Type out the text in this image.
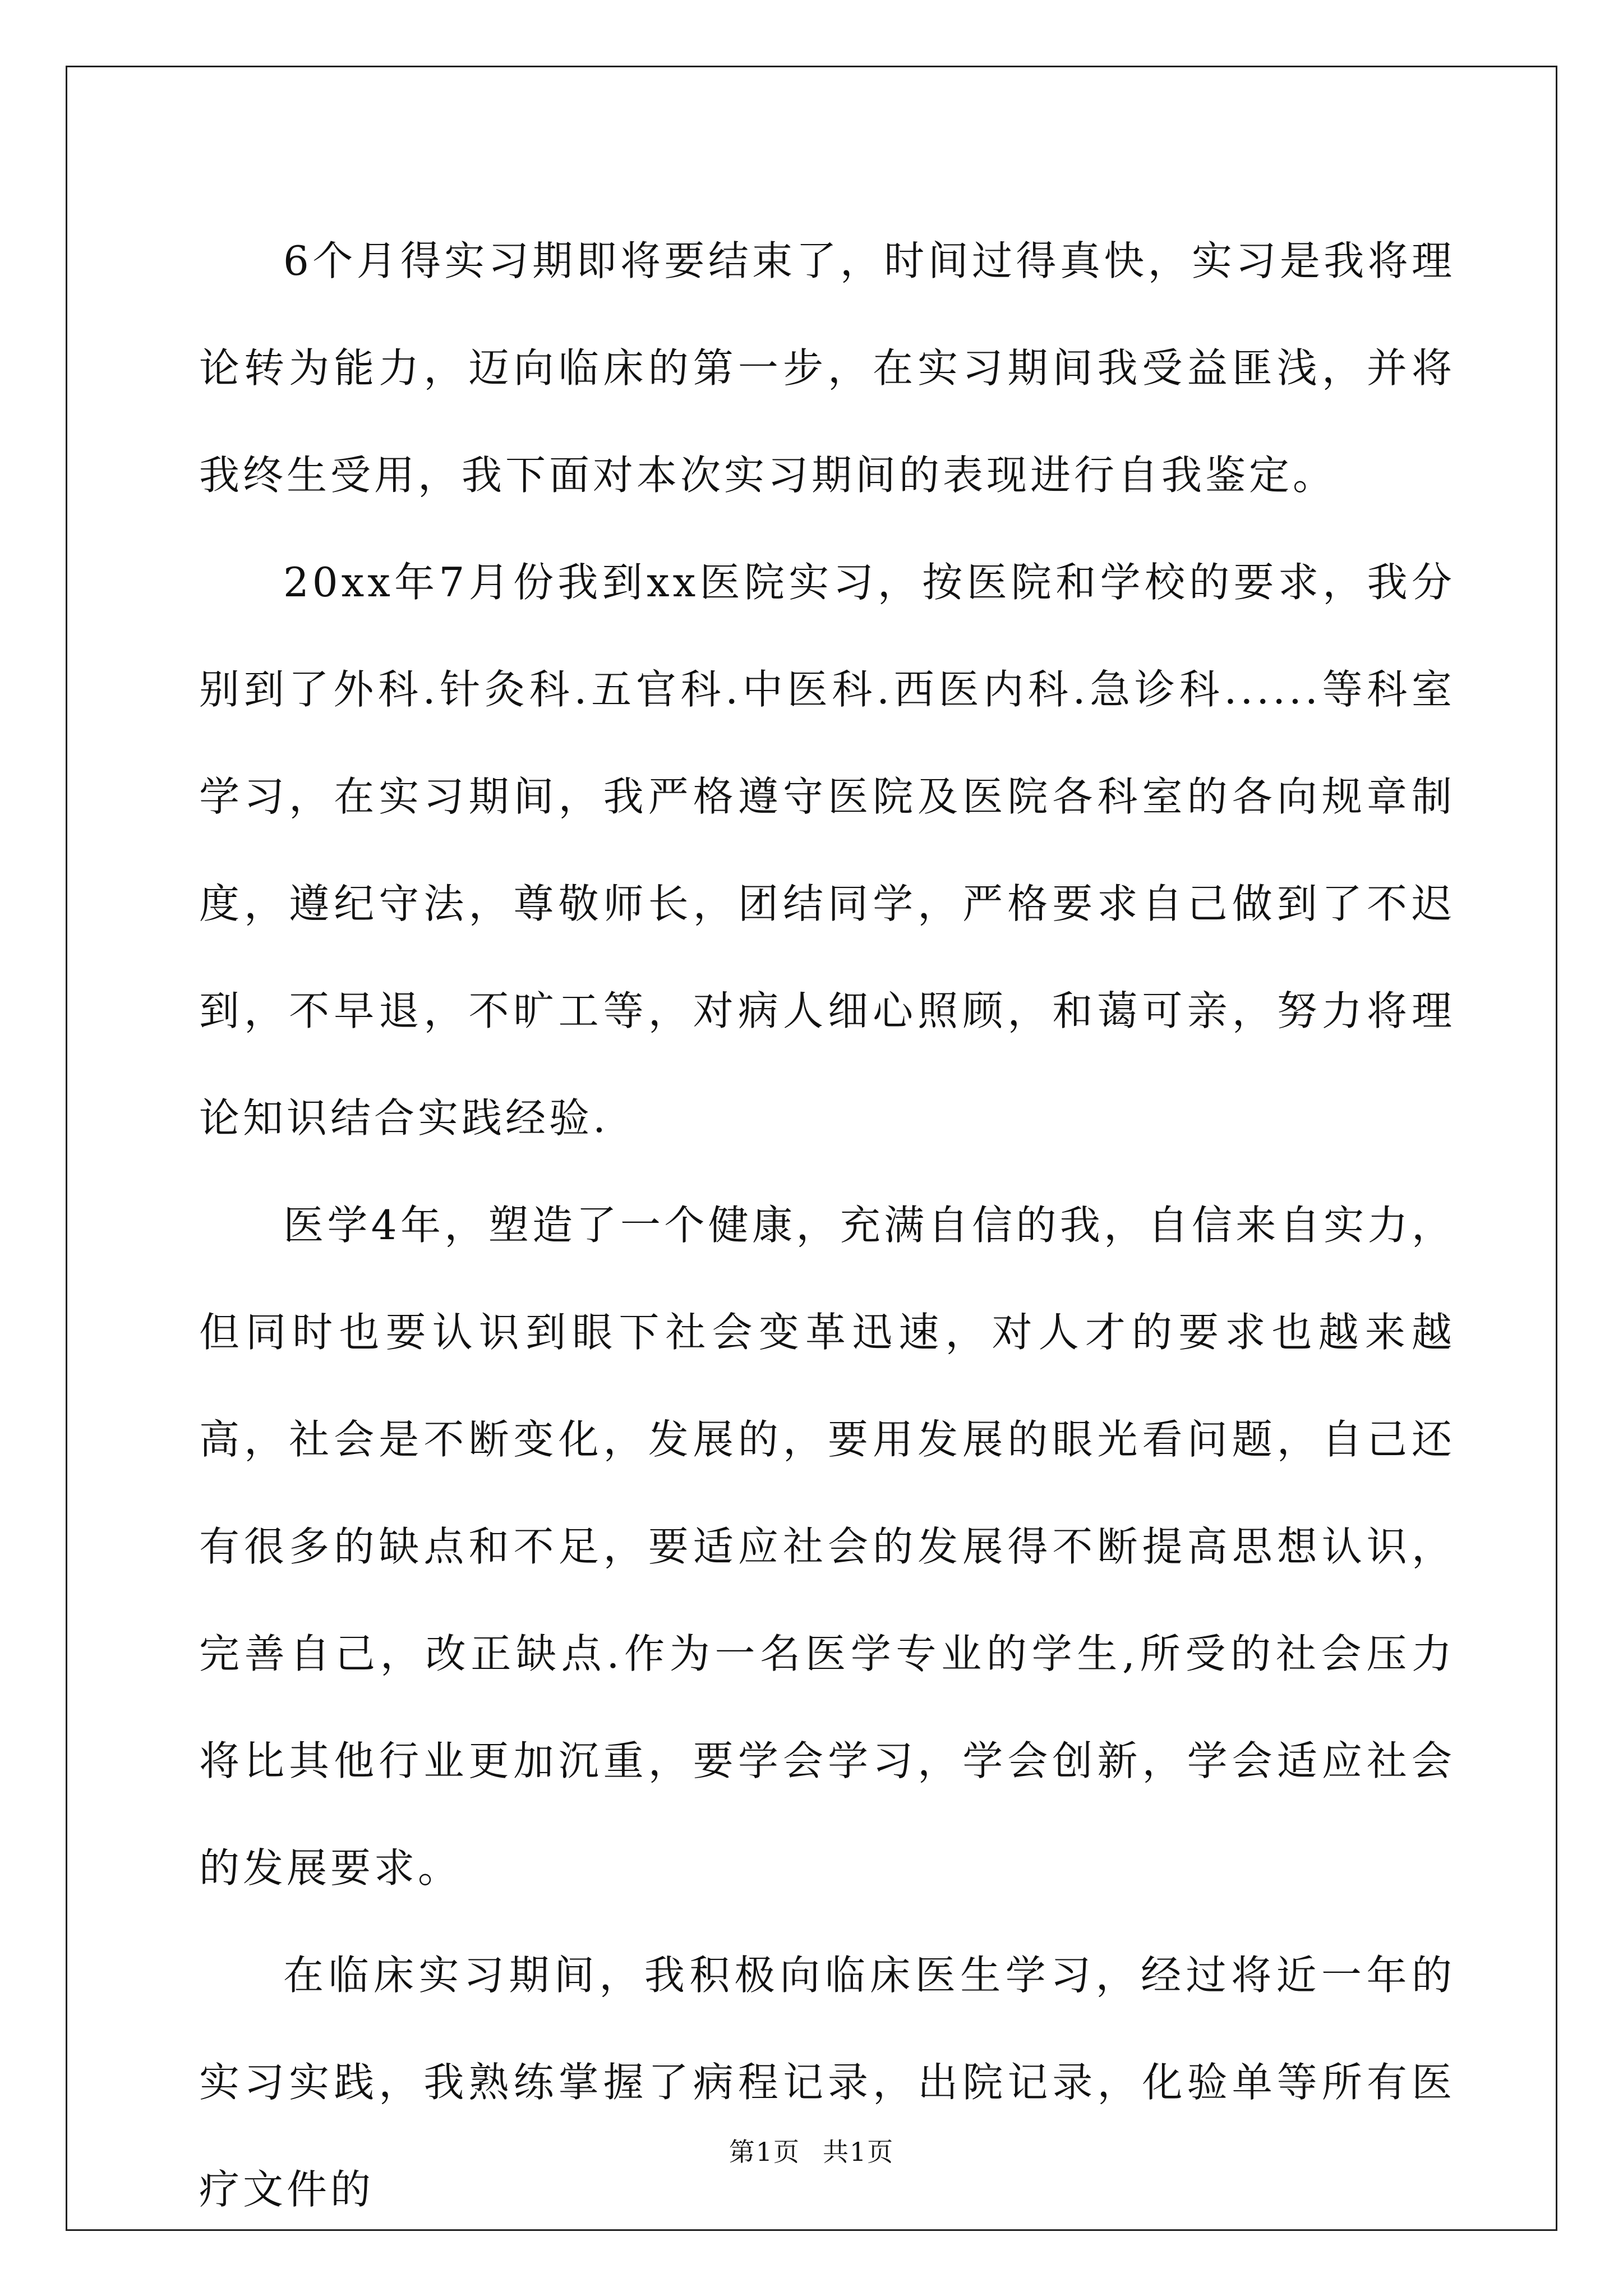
6个月得实习期即将要结束了，时间过得真快，实习是我将理论转为能力，迈向临床的第一步，在实习期间我受益匪浅，并将我终生受用，我下面对本次实习期间的表现进行自我鉴定。

20xx年7月份我到xx医院实习，按医院和学校的要求，我分别到了外科.针灸科.五官科.中医科.西医内科.急诊科......等科室学习，在实习期间，我严格遵守医院及医院各科室的各向规章制度，遵纪守法，尊敬师长，团结同学，严格要求自己做到了不迟到，不早退，不旷工等，对病人细心照顾，和蔼可亲，努力将理论知识结合实践经验.

医学4年，塑造了一个健康，充满自信的我，自信来自实力，但同时也要认识到眼下社会变革迅速，对人才的要求也越来越高，社会是不断变化，发展的，要用发展的眼光看问题，自己还有很多的缺点和不足，要适应社会的发展得不断提高思想认识，完善自己，改正缺点.作为一名医学专业的学生,所受的社会压力将比其他行业更加沉重，要学会学习，学会创新，学会适应社会的发展要求。

在临床实习期间，我积极向临床医生学习，经过将近一年的实习实践，我熟练掌握了病程记录，出院记录，化验单等所有医疗文件的

第1页 共1页
